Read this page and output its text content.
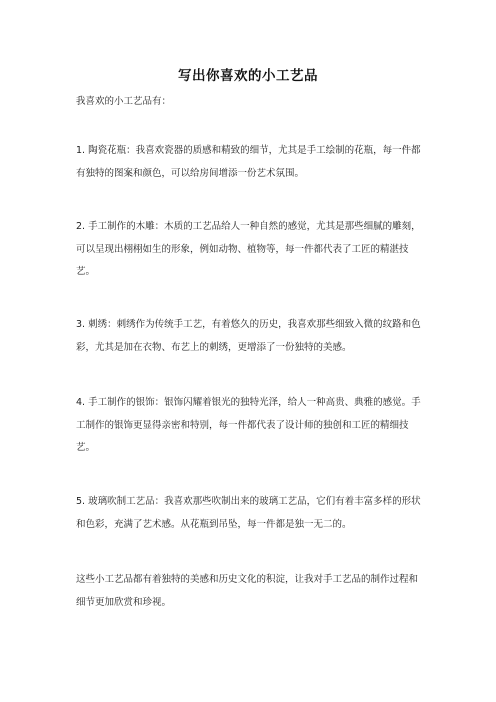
写出你喜欢的小工艺品
我喜欢的小工艺品有：
1. 陶瓷花瓶：我喜欢瓷器的质感和精致的细节，尤其是手工绘制的花瓶，每一件都有独特的图案和颜色，可以给房间增添一份艺术氛围。
2. 手工制作的木雕：木质的工艺品给人一种自然的感觉，尤其是那些细腻的雕刻，可以呈现出栩栩如生的形象，例如动物、植物等，每一件都代表了工匠的精湛技艺。
3. 刺绣：刺绣作为传统手工艺，有着悠久的历史，我喜欢那些细致入微的纹路和色彩，尤其是加在衣物、布艺上的刺绣，更增添了一份独特的美感。
4. 手工制作的银饰：银饰闪耀着银光的独特光泽，给人一种高贵、典雅的感觉。手工制作的银饰更显得亲密和特别，每一件都代表了设计师的独创和工匠的精细技艺。
5. 玻璃吹制工艺品：我喜欢那些吹制出来的玻璃工艺品，它们有着丰富多样的形状和色彩，充满了艺术感。从花瓶到吊坠，每一件都是独一无二的。
这些小工艺品都有着独特的美感和历史文化的积淀，让我对手工艺品的制作过程和细节更加欣赏和珍视。
